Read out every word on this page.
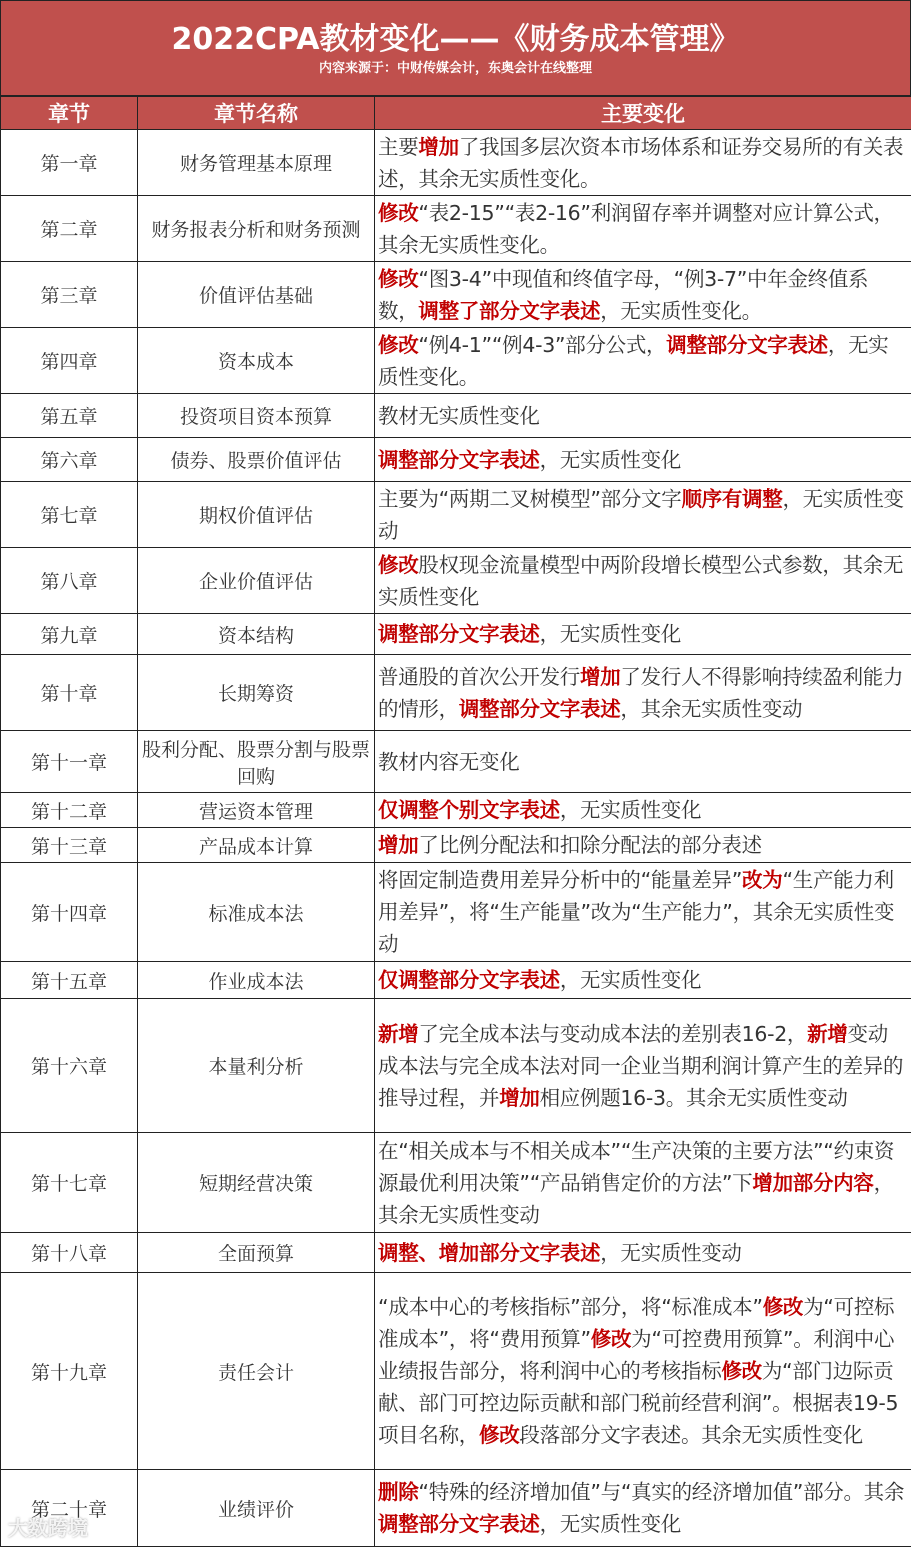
2022CPA教材变化——《财务成本管理》
内容来源于：中财传媒会计，东奥会计在线整理
章节	章节名称	主要变化
第一章	财务管理基本原理	主要增加了我国多层次资本市场体系和证券交易所的有关表述，其余无实质性变化。
第二章	财务报表分析和财务预测	修改“表2-15”“表2-16”利润留存率并调整对应计算公式，其余无实质性变化。
第三章	价值评估基础	修改“图3-4”中现值和终值字母，“例3-7”中年金终值系数，调整了部分文字表述，无实质性变化。
第四章	资本成本	修改“例4-1”“例4-3”部分公式，调整部分文字表述，无实质性变化。
第五章	投资项目资本预算	教材无实质性变化
第六章	债券、股票价值评估	调整部分文字表述，无实质性变化
第七章	期权价值评估	主要为“两期二叉树模型”部分文字顺序有调整，无实质性变动
第八章	企业价值评估	修改股权现金流量模型中两阶段增长模型公式参数，其余无实质性变化
第九章	资本结构	调整部分文字表述，无实质性变化
第十章	长期筹资	普通股的首次公开发行增加了发行人不得影响持续盈利能力的情形，调整部分文字表述，其余无实质性变动
第十一章	股利分配、股票分割与股票回购	教材内容无变化
第十二章	营运资本管理	仅调整个别文字表述，无实质性变化
第十三章	产品成本计算	增加了比例分配法和扣除分配法的部分表述
第十四章	标准成本法	将固定制造费用差异分析中的“能量差异”改为“生产能力利用差异”，将“生产能量”改为“生产能力”，其余无实质性变动
第十五章	作业成本法	仅调整部分文字表述，无实质性变化
第十六章	本量利分析	新增了完全成本法与变动成本法的差别表16-2，新增变动成本法与完全成本法对同一企业当期利润计算产生的差异的推导过程，并增加相应例题16-3。其余无实质性变动
第十七章	短期经营决策	在“相关成本与不相关成本”“生产决策的主要方法”“约束资源最优利用决策”“产品销售定价的方法”下增加部分内容，其余无实质性变动
第十八章	全面预算	调整、增加部分文字表述，无实质性变动
第十九章	责任会计	“成本中心的考核指标”部分，将“标准成本”修改为“可控标准成本”，将“费用预算”修改为“可控费用预算”。利润中心业绩报告部分，将利润中心的考核指标修改为“部门边际贡献、部门可控边际贡献和部门税前经营利润”。根据表19-5项目名称，修改段落部分文字表述。其余无实质性变化
第二十章	业绩评价	删除“特殊的经济增加值”与“真实的经济增加值”部分。其余调整部分文字表述，无实质性变化
大数跨境
